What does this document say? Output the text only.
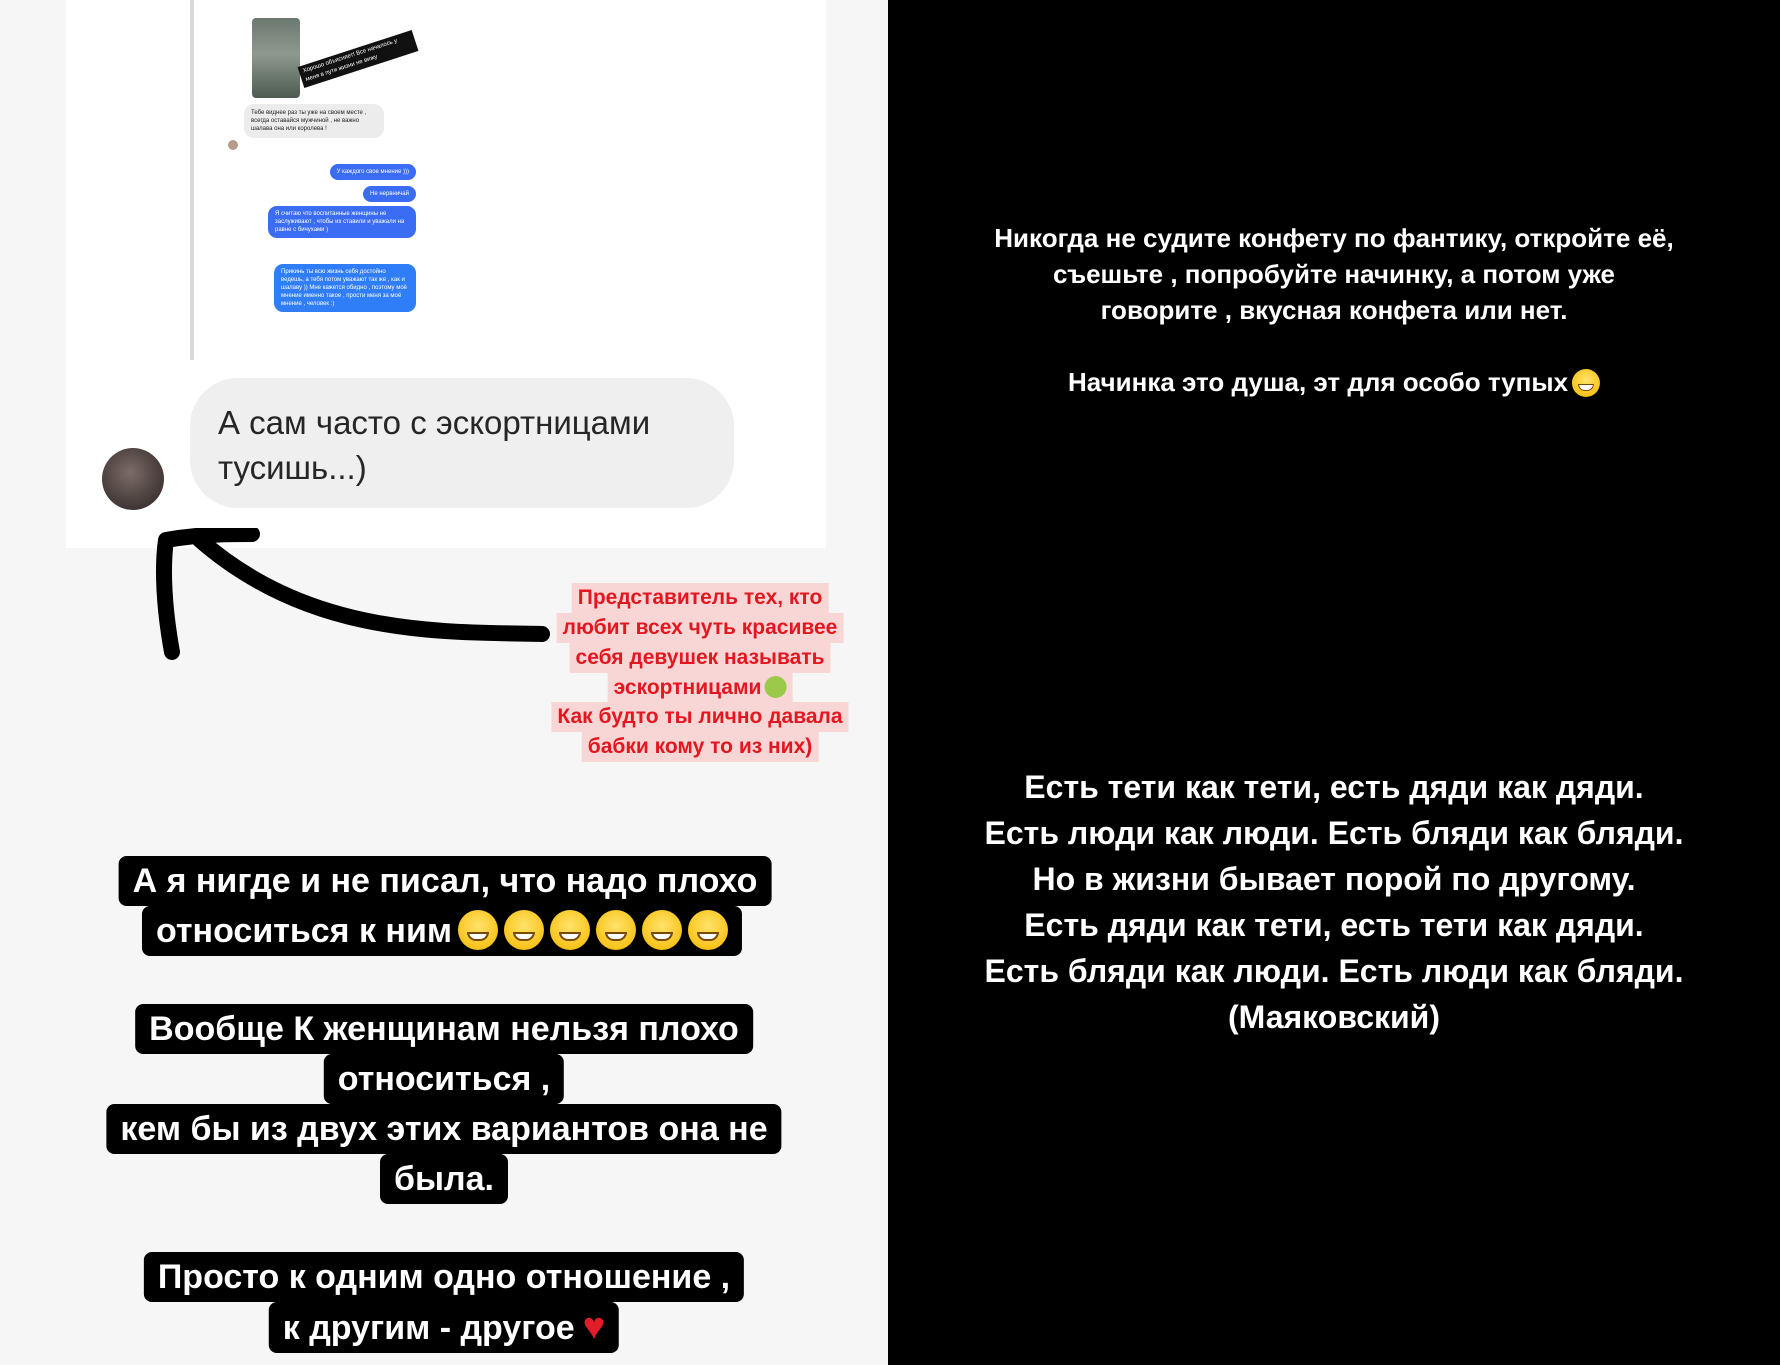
Хорошо объясняет! Все началось у меня в пути жизни не вижу
Тебе виднее раз ты уже на своем месте , всегда оставайся мужчиной , не важно шалава она или королева !
У каждого свое мнение )))
Не нервничай
Я считаю что воспитанные женщины не заслуживают , чтобы их ставили и уважали на равне с бичухами )
Прикинь ты всю жизнь себя достойно ведешь, а тебя потом уважают так же , как и шалаву )) Мне кажется обидно , поэтому моё мнение именно такое , прости меня за моё мнение , человек :)
А сам часто с эскортницами
тусишь...)
Представитель тех, кто
любит всех чуть красивее
себя девушек называть
эскортницами
Как будто ты лично давала
бабки кому то из них)
А я нигде и не писал, что надо плохо
относиться к ним
Вообще К женщинам нельзя плохо
относиться ,
кем бы из двух этих вариантов она не
была.
Просто к одним одно отношение ,
к другим - другое ♥
Никогда не судите конфету по фантику, откройте её,
съешьте , попробуйте начинку, а потом уже
говорите , вкусная конфета или нет.
Начинка это душа, эт для особо тупых
Есть тети как тети, есть дяди как дяди.
Есть люди как люди. Есть бляди как бляди.
Но в жизни бывает порой по другому.
Есть дяди как тети, есть тети как дяди.
Есть бляди как люди. Есть люди как бляди.
(Маяковский)
